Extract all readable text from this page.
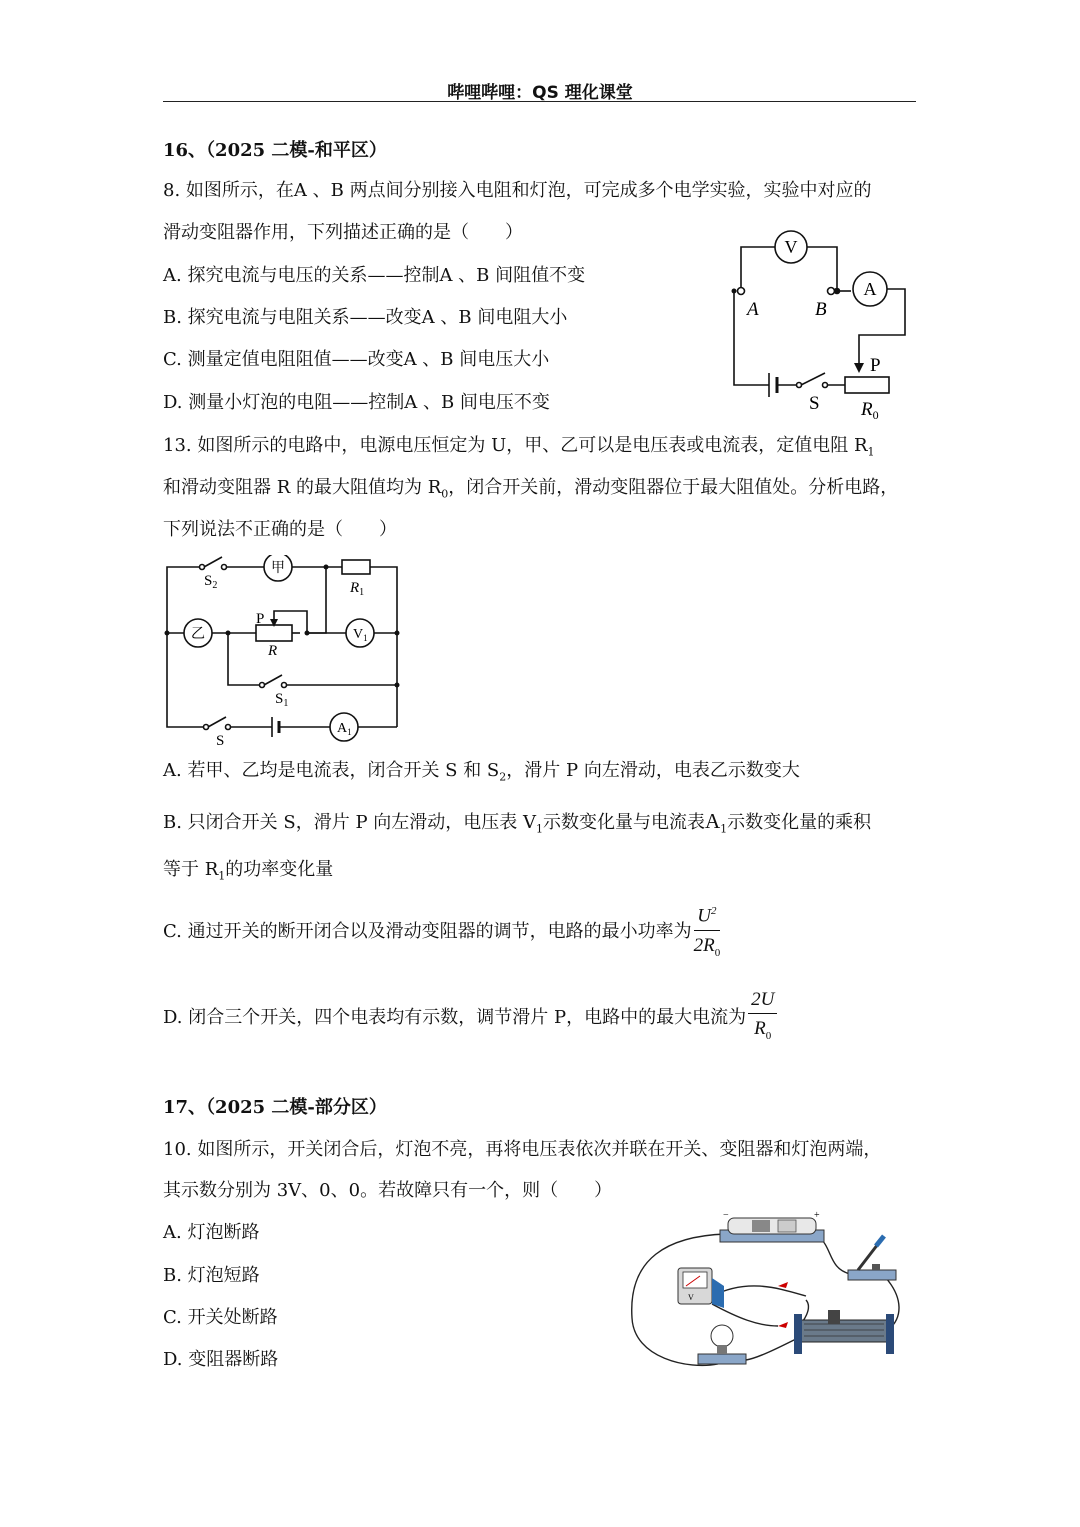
哔哩哔哩：QS 理化课堂
16、（2025 二模-和平区）
8. 如图所示，在A 、B 两点间分别接入电阻和灯泡，可完成多个电学实验，实验中对应的
滑动变阻器作用，下列描述正确的是（　　）
A. 探究电流与电压的关系——控制A 、B 间阻值不变
B. 探究电流与电阻关系——改变A 、B 间电阻大小
C. 测量定值电阻阻值——改变A 、B 间电压大小
D. 测量小灯泡的电阻——控制A 、B 间电压不变
V
A
A	B
P
S $R_0$
13. 如图所示的电路中，电源电压恒定为 U，甲、乙可以是电压表或电流表，定值电阻 $R_1$
和滑动变阻器 R 的最大阻值均为 $R_0$，闭合开关前，滑动变阻器位于最大阻值处。分析电路，
下列说法不正确的是（　　）
$S_2$
甲
$R_1$
乙
P
R
$V_1$
$S_1$
S
$A_1$
A. 若甲、乙均是电流表，闭合开关 S 和 $S_2$，滑片 P 向左滑动，电表乙示数变大
B. 只闭合开关 S，滑片 P 向左滑动，电压表 $V_1$示数变化量与电流表$A_1$示数变化量的乘积
等于 $R_1$的功率变化量
C. 通过开关的断开闭合以及滑动变阻器的调节，电路的最小功率为 $\frac{U^2}{2R_0}$
D. 闭合三个开关，四个电表均有示数，调节滑片 P，电路中的最大电流为 $\frac{2U}{R_0}$
17、（2025 二模-部分区）
10. 如图所示，开关闭合后，灯泡不亮，再将电压表依次并联在开关、变阻器和灯泡两端，
其示数分别为 3V、0、0。若故障只有一个，则（　　）
A. 灯泡断路
B. 灯泡短路
C. 开关处断路
D. 变阻器断路
−	+
V
